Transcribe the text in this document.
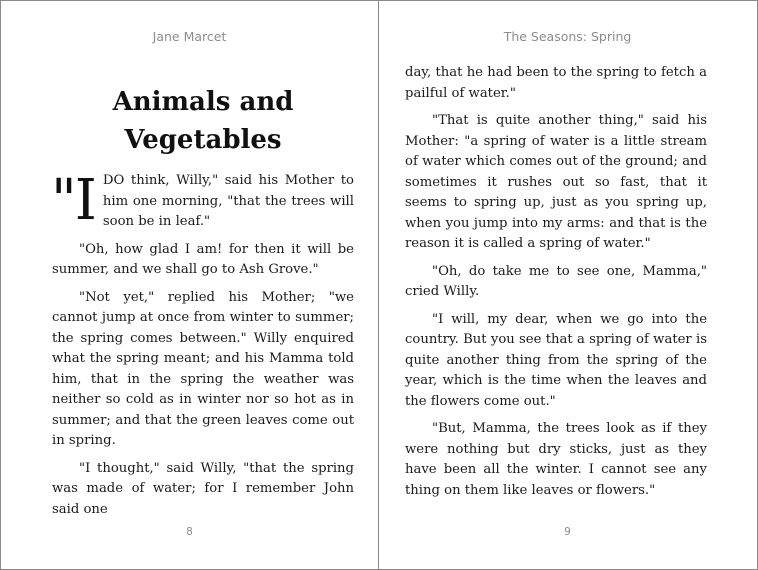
Jane Marcet
Animals and Vegetables

"IDO think, Willy," said his Mother to him one morning, "that the trees will soon be in leaf."

"Oh, how glad I am! for then it will be summer, and we shall go to Ash Grove."

"Not yet," replied his Mother; "we cannot jump at once from winter to summer; the spring comes between." Willy enquired what the spring meant; and his Mamma told him, that in the spring the weather was neither so cold as in winter nor so hot as in summer; and that the green leaves come out in spring.

"I thought," said Willy, "that the spring was made of water; for I remember John said one

8
The Seasons: Spring

day, that he had been to the spring to fetch a pailful of water."

"That is quite another thing," said his Mother: "a spring of water is a little stream of water which comes out of the ground; and sometimes it rushes out so fast, that it seems to spring up, just as you spring up, when you jump into my arms: and that is the reason it is called a spring of water."

"Oh, do take me to see one, Mamma," cried Willy.

"I will, my dear, when we go into the country. But you see that a spring of water is quite another thing from the spring of the year, which is the time when the leaves and the flowers come out."

"But, Mamma, the trees look as if they were nothing but dry sticks, just as they have been all the winter. I cannot see any thing on them like leaves or flowers."

9
